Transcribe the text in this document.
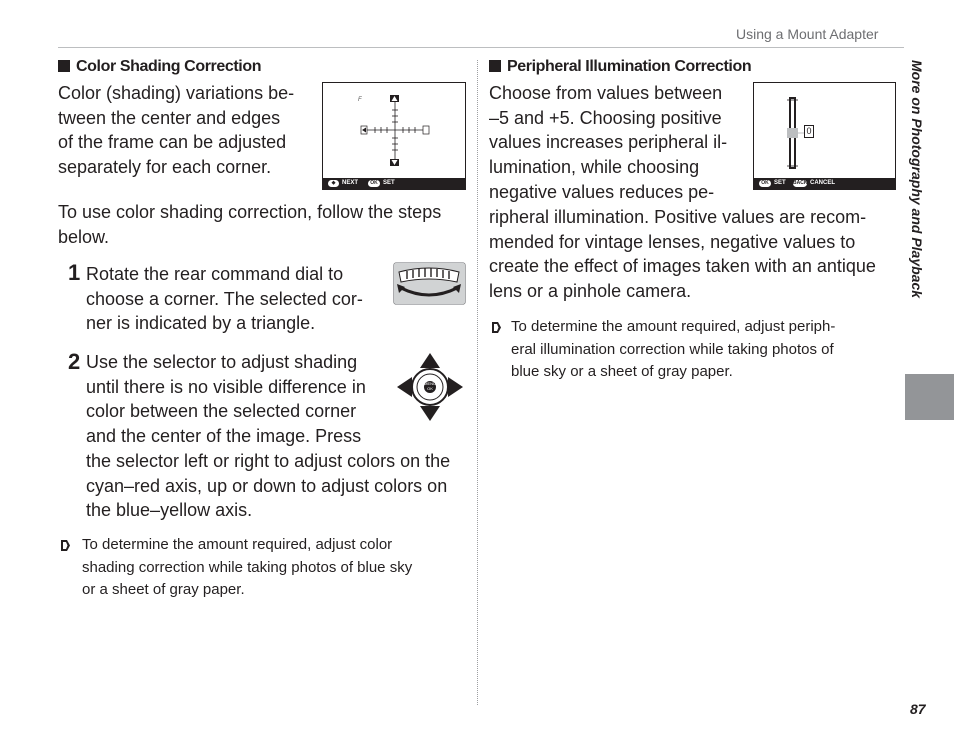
Using a Mount Adapter
Color Shading Correction
Color (shading) variations be-
tween the center and edges
of the frame can be adjusted
separately for each corner.
F
◆	NEXT	OK SET
To use color shading correction, follow the steps
below.
1 Rotate the rear command dial to
choose a corner. The selected cor-
ner is indicated by a triangle.
2 Use the selector to adjust shading
until there is no visible difference in
color between the selected corner
and the center of the image. Press
the selector left or right to adjust colors on the
cyan–red axis, up or down to adjust colors on
the blue–yellow axis.
MENU
OK
To determine the amount required, adjust color
shading correction while taking photos of blue sky
or a sheet of gray paper.
Peripheral Illumination Correction
Choose from values between
–5 and +5. Choosing positive
values increases peripheral il-
lumination, while choosing
negative values reduces pe-
ripheral illumination. Positive values are recom-
mended for vintage lenses, negative values to
create the effect of images taken with an antique
lens or a pinhole camera.
0
OK SET BACK CANCEL
To determine the amount required, adjust periph-
eral illumination correction while taking photos of
blue sky or a sheet of gray paper.
More on Photography and Playback
87
